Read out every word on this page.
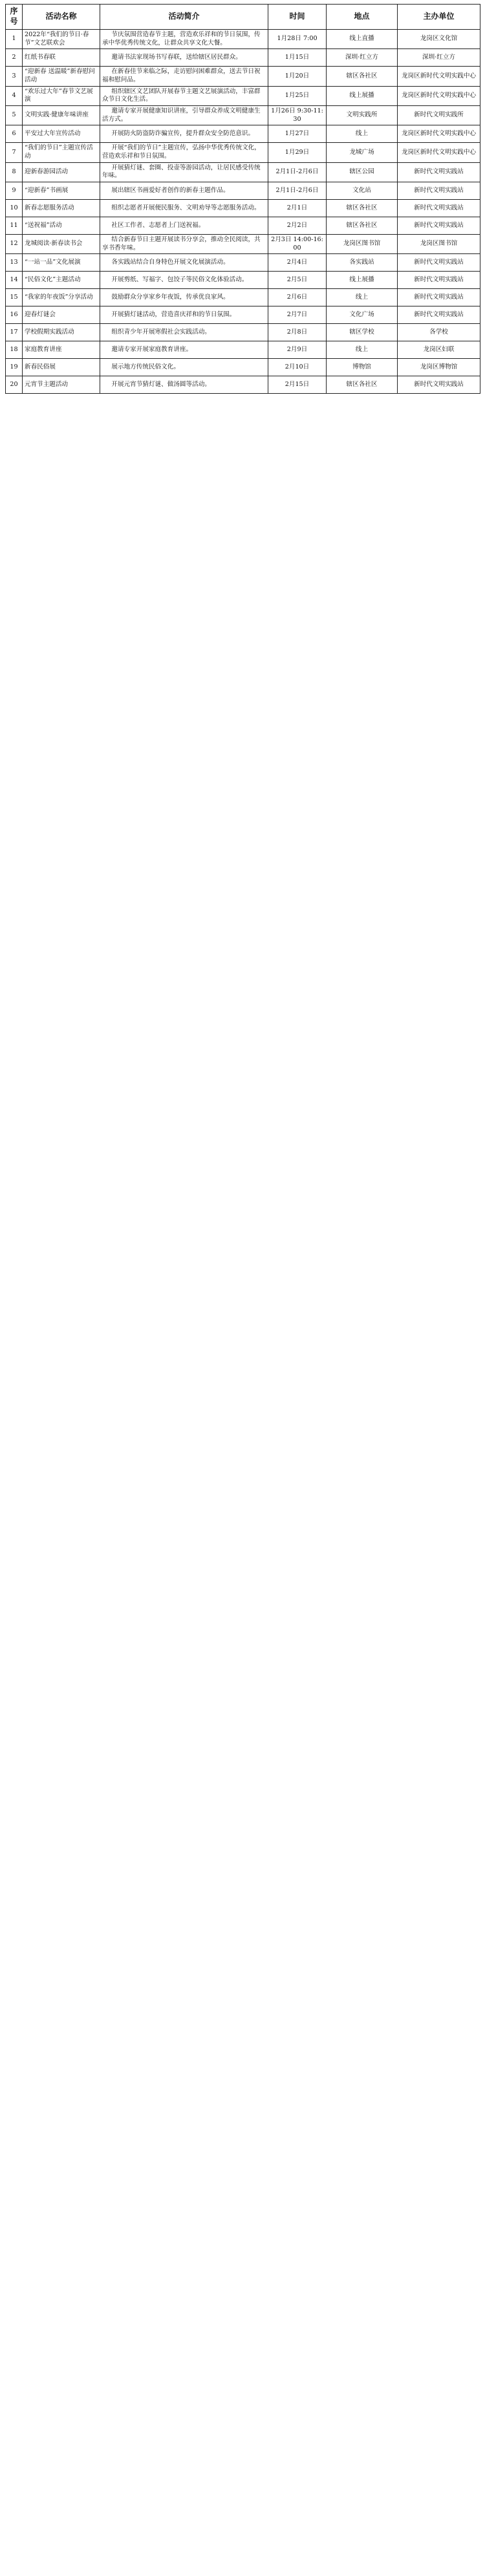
序号	活动名称	活动简介	时间	地点	主办单位
1	2022年“我们的节日·春节”文艺联欢会	节庆氛围营造春节主题，营造欢乐祥和的节日氛围，传承中华优秀传统文化，让群众共享文化大餐。	1月28日 7:00	线上直播	龙岗区文化馆
2	红纸书春联	邀请书法家现场书写春联，送给辖区居民群众。	1月15日	深圳·红立方	深圳·红立方
3	“迎新春 送温暖”新春慰问活动	在新春佳节来临之际，走访慰问困难群众，送去节日祝福和慰问品。	1月20日	辖区各社区	龙岗区新时代文明实践中心
4	“欢乐过大年”春节文艺展演	组织辖区文艺团队开展春节主题文艺展演活动，丰富群众节日文化生活。	1月25日	线上展播	龙岗区新时代文明实践中心
5	文明实践·健康年味讲座	邀请专家开展健康知识讲座，引导群众养成文明健康生活方式。	1月26日 9:30-11:30	文明实践所	新时代文明实践所
6	平安过大年宣传活动	开展防火防盗防诈骗宣传，提升群众安全防范意识。	1月27日	线上	龙岗区新时代文明实践中心
7	“我们的节日”主题宣传活动	开展“我们的节日”主题宣传，弘扬中华优秀传统文化，营造欢乐祥和节日氛围。	1月29日	龙城广场	龙岗区新时代文明实践中心
8	迎新春游园活动	开展猜灯谜、套圈、投壶等游园活动，让居民感受传统年味。	2月1日-2月6日	辖区公园	新时代文明实践站
9	“迎新春”书画展	展出辖区书画爱好者创作的新春主题作品。	2月1日-2月6日	文化站	新时代文明实践站
10	新春志愿服务活动	组织志愿者开展便民服务、文明劝导等志愿服务活动。	2月1日	辖区各社区	新时代文明实践站
11	“送祝福”活动	社区工作者、志愿者上门送祝福。	2月2日	辖区各社区	新时代文明实践站
12	龙城阅读·新春读书会	结合新春节日主题开展读书分享会，推动全民阅读，共享书香年味。	2月3日 14:00-16:00	龙岗区图书馆	龙岗区图书馆
13	“一站一品”文化展演	各实践站结合自身特色开展文化展演活动。	2月4日	各实践站	新时代文明实践站
14	“民俗文化”主题活动	开展剪纸、写福字、包饺子等民俗文化体验活动。	2月5日	线上展播	新时代文明实践站
15	“我家的年夜饭”分享活动	鼓励群众分享家乡年夜饭，传承优良家风。	2月6日	线上	新时代文明实践站
16	迎春灯谜会	开展猜灯谜活动，营造喜庆祥和的节日氛围。	2月7日	文化广场	新时代文明实践站
17	学校假期实践活动	组织青少年开展寒假社会实践活动。	2月8日	辖区学校	各学校
18	家庭教育讲座	邀请专家开展家庭教育讲座。	2月9日	线上	龙岗区妇联
19	新春民俗展	展示地方传统民俗文化。	2月10日	博物馆	龙岗区博物馆
20	元宵节主题活动	开展元宵节猜灯谜、做汤圆等活动。	2月15日	辖区各社区	新时代文明实践站
